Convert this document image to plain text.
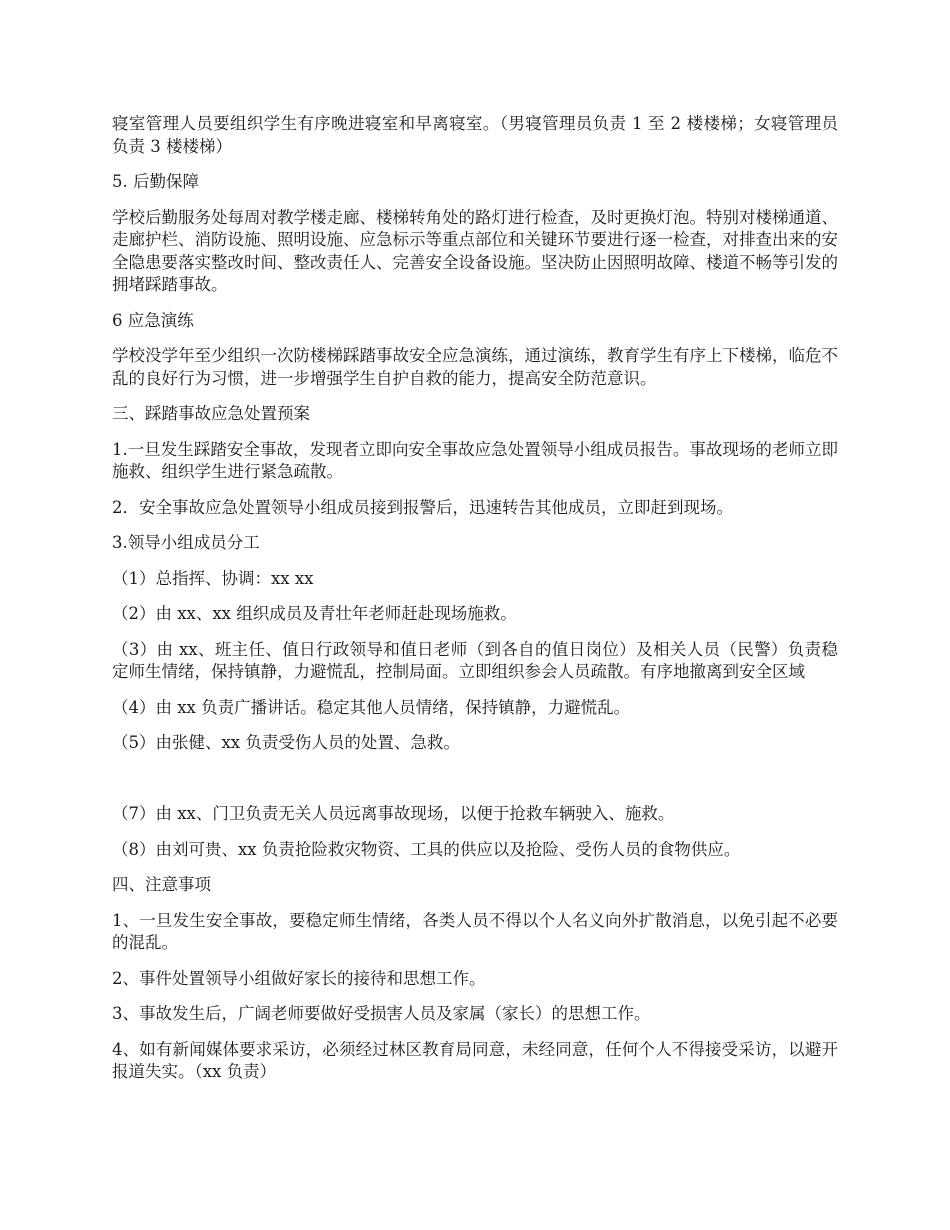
寝室管理人员要组织学生有序晚进寝室和早离寝室。（男寝管理员负责 1 至 2 楼楼梯；女寝管理员负责 3 楼楼梯）

5. 后勤保障

学校后勤服务处每周对教学楼走廊、楼梯转角处的路灯进行检查，及时更换灯泡。特别对楼梯通道、走廊护栏、消防设施、照明设施、应急标示等重点部位和关键环节要进行逐一检查，对排查出来的安全隐患要落实整改时间、整改责任人、完善安全设备设施。坚决防止因照明故障、楼道不畅等引发的拥堵踩踏事故。

6 应急演练

学校没学年至少组织一次防楼梯踩踏事故安全应急演练，通过演练，教育学生有序上下楼梯，临危不乱的良好行为习惯，进一步增强学生自护自救的能力，提高安全防范意识。

三、踩踏事故应急处置预案

1.一旦发生踩踏安全事故，发现者立即向安全事故应急处置领导小组成员报告。事故现场的老师立即施救、组织学生进行紧急疏散。

2．安全事故应急处置领导小组成员接到报警后，迅速转告其他成员，立即赶到现场。

3.领导小组成员分工

（1）总指挥、协调：xx xx

（2）由 xx、xx 组织成员及青壮年老师赶赴现场施救。

（3）由 xx、班主任、值日行政领导和值日老师（到各自的值日岗位）及相关人员（民警）负责稳定师生情绪，保持镇静，力避慌乱，控制局面。立即组织参会人员疏散。有序地撤离到安全区域

（4）由 xx 负责广播讲话。稳定其他人员情绪，保持镇静，力避慌乱。

（5）由张健、xx 负责受伤人员的处置、急救。

（7）由 xx、门卫负责无关人员远离事故现场，以便于抢救车辆驶入、施救。

（8）由刘可贵、xx 负责抢险救灾物资、工具的供应以及抢险、受伤人员的食物供应。

四、注意事项

1、一旦发生安全事故，要稳定师生情绪，各类人员不得以个人名义向外扩散消息，以免引起不必要的混乱。

2、事件处置领导小组做好家长的接待和思想工作。

3、事故发生后，广阔老师要做好受损害人员及家属（家长）的思想工作。

4、如有新闻媒体要求采访，必须经过林区教育局同意，未经同意，任何个人不得接受采访，以避开报道失实。（xx 负责）
